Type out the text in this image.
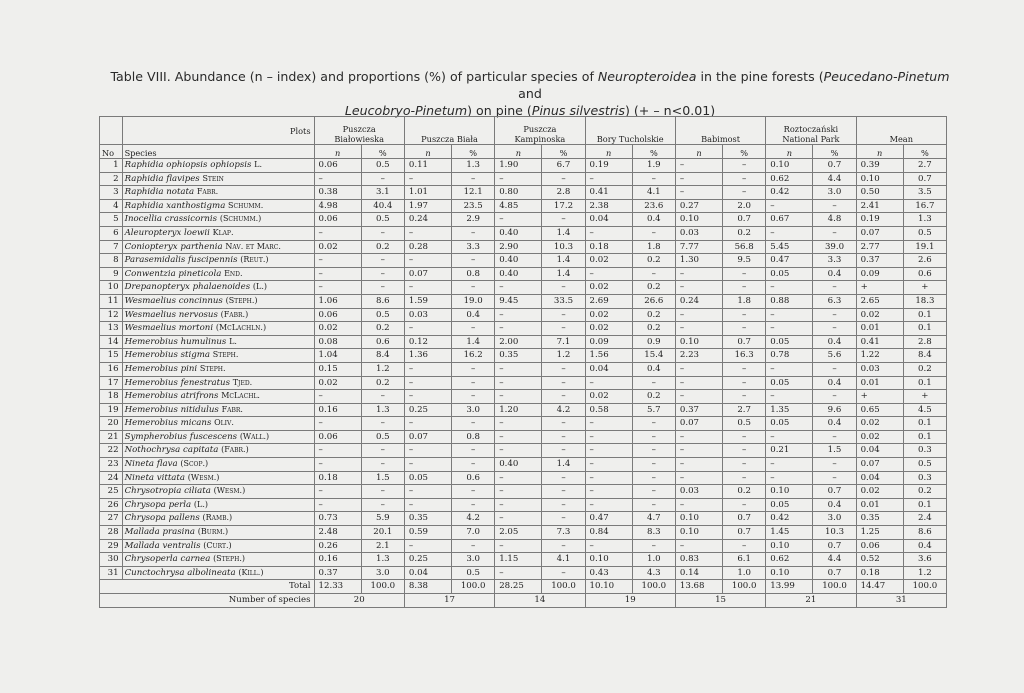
Table VIII. Abundance (n – index) and proportions (%) of particular species of Neuropteroidea in the pine forests (Peucedano-Pinetum and
Leucobryo-Pinetum) on pine (Pinus silvestris) (+ – n<0.01)
	Plots	Puszcza
Białowieska		Puszcza Biała		Puszcza
Kampinoska		Bory Tucholskie		Babimost		Roztoczański
National Park		Mean	
No	Species	n	%	n	%	n	%	n	%	n	%	n	%	n	%
1	Raphidia ophiopsis ophiopsis L.	0.06	0.5	0.11	1.3	1.90	6.7	0.19	1.9	–	–	0.10	0.7	0.39	2.7
2	Raphidia flavipes Stein	–	–	–	–	–	–	–	–	–	–	0.62	4.4	0.10	0.7
3	Raphidia notata Fabr.	0.38	3.1	1.01	12.1	0.80	2.8	0.41	4.1	–	–	0.42	3.0	0.50	3.5
4	Raphidia xanthostigma Schumm.	4.98	40.4	1.97	23.5	4.85	17.2	2.38	23.6	0.27	2.0	–	–	2.41	16.7
5	Inocellia crassicornis (Schumm.)	0.06	0.5	0.24	2.9	–	–	0.04	0.4	0.10	0.7	0.67	4.8	0.19	1.3
6	Aleuropteryx loewii Klap.	–	–	–	–	0.40	1.4	–	–	0.03	0.2	–	–	0.07	0.5
7	Coniopteryx parthenia Nav. et Marc.	0.02	0.2	0.28	3.3	2.90	10.3	0.18	1.8	7.77	56.8	5.45	39.0	2.77	19.1
8	Parasemidalis fuscipennis (Reut.)	–	–	–	–	0.40	1.4	0.02	0.2	1.30	9.5	0.47	3.3	0.37	2.6
9	Conwentzia pineticola End.	–	–	0.07	0.8	0.40	1.4	–	–	–	–	0.05	0.4	0.09	0.6
10	Drepanopteryx phalaenoides (L.)	–	–	–	–	–	–	0.02	0.2	–	–	–	–	+	+
11	Wesmaelius concinnus (Steph.)	1.06	8.6	1.59	19.0	9.45	33.5	2.69	26.6	0.24	1.8	0.88	6.3	2.65	18.3
12	Wesmaelius nervosus (Fabr.)	0.06	0.5	0.03	0.4	–	–	0.02	0.2	–	–	–	–	0.02	0.1
13	Wesmaelius mortoni (McLachln.)	0.02	0.2	–	–	–	–	0.02	0.2	–	–	–	–	0.01	0.1
14	Hemerobius humulinus L.	0.08	0.6	0.12	1.4	2.00	7.1	0.09	0.9	0.10	0.7	0.05	0.4	0.41	2.8
15	Hemerobius stigma Steph.	1.04	8.4	1.36	16.2	0.35	1.2	1.56	15.4	2.23	16.3	0.78	5.6	1.22	8.4
16	Hemerobius pini Steph.	0.15	1.2	–	–	–	–	0.04	0.4	–	–	–	–	0.03	0.2
17	Hemerobius fenestratus Tjed.	0.02	0.2	–	–	–	–	–	–	–	–	0.05	0.4	0.01	0.1
18	Hemerobius atrifrons McLachl.	–	–	–	–	–	–	0.02	0.2	–	–	–	–	+	+
19	Hemerobius nitidulus Fabr.	0.16	1.3	0.25	3.0	1.20	4.2	0.58	5.7	0.37	2.7	1.35	9.6	0.65	4.5
20	Hemerobius micans Oliv.	–	–	–	–	–	–	–	–	0.07	0.5	0.05	0.4	0.02	0.1
21	Sympherobius fuscescens (Wall.)	0.06	0.5	0.07	0.8	–	–	–	–	–	–	–	–	0.02	0.1
22	Nothochrysa capitata (Fabr.)	–	–	–	–	–	–	–	–	–	–	0.21	1.5	0.04	0.3
23	Nineta flava (Scop.)	–	–	–	–	0.40	1.4	–	–	–	–	–	–	0.07	0.5
24	Nineta vittata (Wesm.)	0.18	1.5	0.05	0.6	–	–	–	–	–	–	–	–	0.04	0.3
25	Chrysotropia ciliata (Wesm.)	–	–	–	–	–	–	–	–	0.03	0.2	0.10	0.7	0.02	0.2
26	Chrysopa perla (L.)	–	–	–	–	–	–	–	–	–	–	0.05	0.4	0.01	0.1
27	Chrysopa pallens (Ramb.)	0.73	5.9	0.35	4.2	–	–	0.47	4.7	0.10	0.7	0.42	3.0	0.35	2.4
28	Mallada prasina (Burm.)	2.48	20.1	0.59	7.0	2.05	7.3	0.84	8.3	0.10	0.7	1.45	10.3	1.25	8.6
29	Mallada ventralis (Curt.)	0.26	2.1	–	–	–	–	–	–	–	–	0.10	0.7	0.06	0.4
30	Chrysoperla carnea (Steph.)	0.16	1.3	0.25	3.0	1.15	4.1	0.10	1.0	0.83	6.1	0.62	4.4	0.52	3.6
31	Cunctochrysa albolineata (Kill.)	0.37	3.0	0.04	0.5	–	–	0.43	4.3	0.14	1.0	0.10	0.7	0.18	1.2
Total		12.33	100.0	8.38	100.0	28.25	100.0	10.10	100.0	13.68	100.0	13.99	100.0	14.47	100.0
Number of species		20		17		14		19		15		21		31	
